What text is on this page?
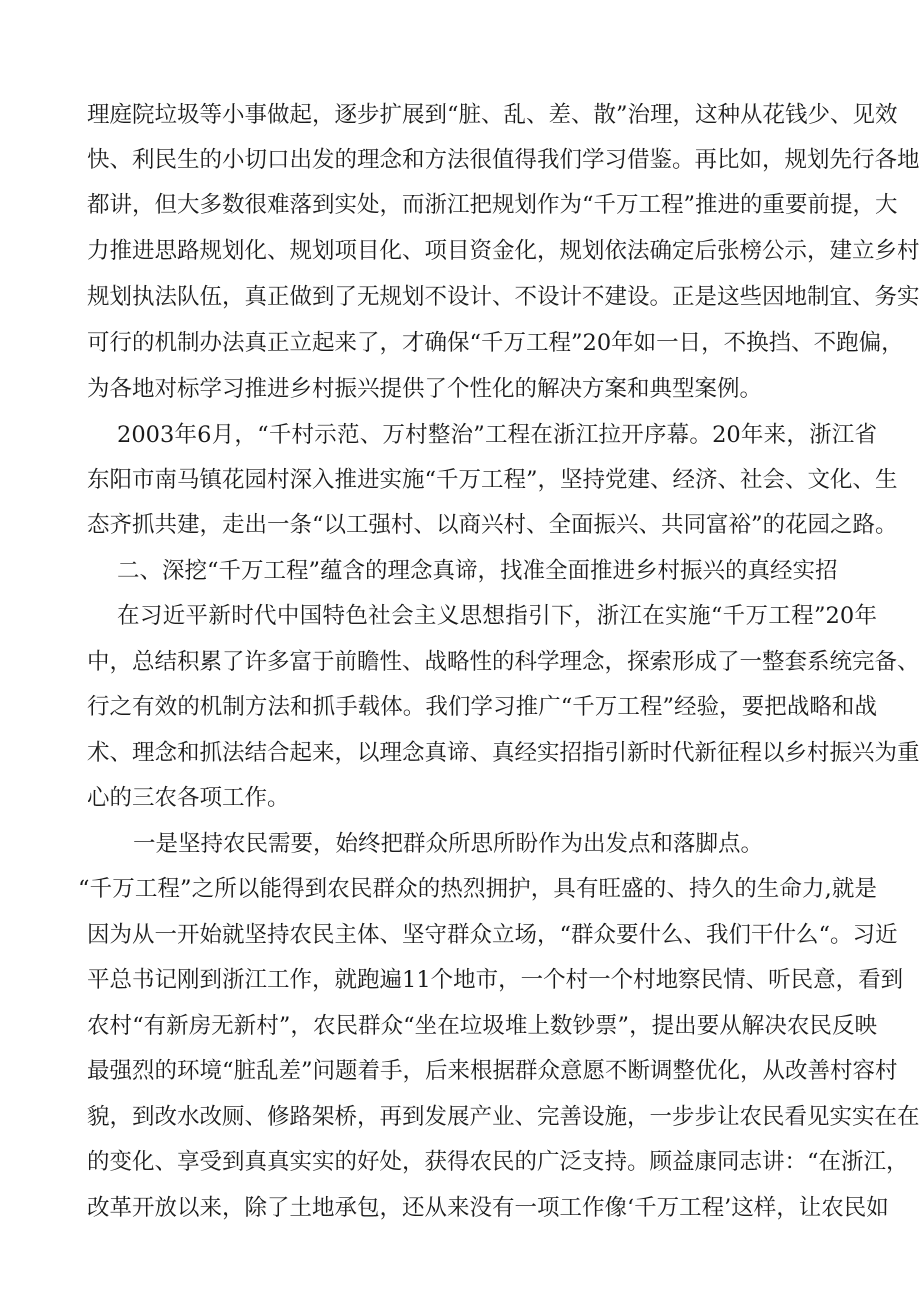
理庭院垃圾等小事做起，逐步扩展到“脏、乱、差、散”治理，这种从花钱少、见效
快、利民生的小切口出发的理念和方法很值得我们学习借鉴。再比如，规划先行各地
都讲，但大多数很难落到实处，而浙江把规划作为“千万工程”推进的重要前提，大
力推进思路规划化、规划项目化、项目资金化，规划依法确定后张榜公示，建立乡村
规划执法队伍，真正做到了无规划不设计、不设计不建设。正是这些因地制宜、务实
可行的机制办法真正立起来了，才确保“千万工程”20年如一日，不换挡、不跑偏，
为各地对标学习推进乡村振兴提供了个性化的解决方案和典型案例。
2003年6月，“千村示范、万村整治”工程在浙江拉开序幕。20年来，浙江省
东阳市南马镇花园村深入推进实施“千万工程”，坚持党建、经济、社会、文化、生
态齐抓共建，走出一条“以工强村、以商兴村、全面振兴、共同富裕”的花园之路。
二、深挖“千万工程”蕴含的理念真谛，找准全面推进乡村振兴的真经实招
在习近平新时代中国特色社会主义思想指引下，浙江在实施“千万工程”20年
中，总结积累了许多富于前瞻性、战略性的科学理念，探索形成了一整套系统完备、
行之有效的机制方法和抓手载体。我们学习推广“千万工程”经验，要把战略和战
术、理念和抓法结合起来，以理念真谛、真经实招指引新时代新征程以乡村振兴为重
心的三农各项工作。
一是坚持农民需要，始终把群众所思所盼作为出发点和落脚点。
“千万工程”之所以能得到农民群众的热烈拥护，具有旺盛的、持久的生命力,就是
因为从一开始就坚持农民主体、坚守群众立场，“群众要什么、我们干什么“。习近
平总书记刚到浙江工作，就跑遍11个地市，一个村一个村地察民情、听民意，看到
农村“有新房无新村”，农民群众“坐在垃圾堆上数钞票”，提出要从解决农民反映
最强烈的环境“脏乱差”问题着手，后来根据群众意愿不断调整优化，从改善村容村
貌，到改水改厕、修路架桥，再到发展产业、完善设施，一步步让农民看见实实在在
的变化、享受到真真实实的好处，获得农民的广泛支持。顾益康同志讲：“在浙江，
改革开放以来，除了土地承包，还从来没有一项工作像‘千万工程’这样，让农民如
